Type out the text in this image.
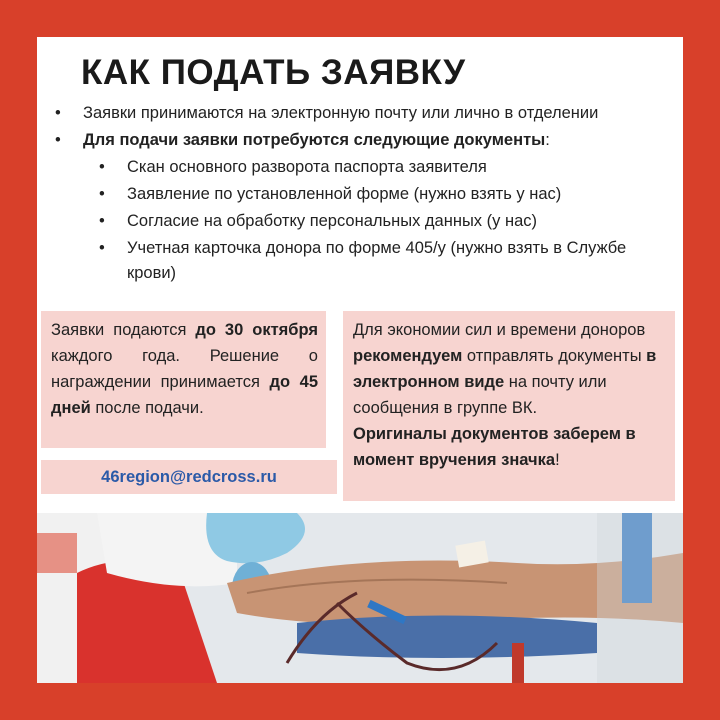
КАК ПОДАТЬ ЗАЯВКУ
• Заявки принимаются на электронную почту или лично в отделении
• Для подачи заявки потребуются следующие документы:
• Скан основного разворота паспорта заявителя
• Заявление по установленной форме (нужно взять у нас)
• Согласие на обработку персональных данных (у нас)
• Учетная карточка донора по форме 405/у (нужно взять в Службе крови)
Заявки подаются до 30 октября каждого года. Решение о награждении принимается до 45 дней после подачи.
46region@redcross.ru
Для экономии сил и времени доноров рекомендуем отправлять документы в электронном виде на почту или сообщения в группе ВК.
Оригиналы документов заберем в момент вручения значка!
